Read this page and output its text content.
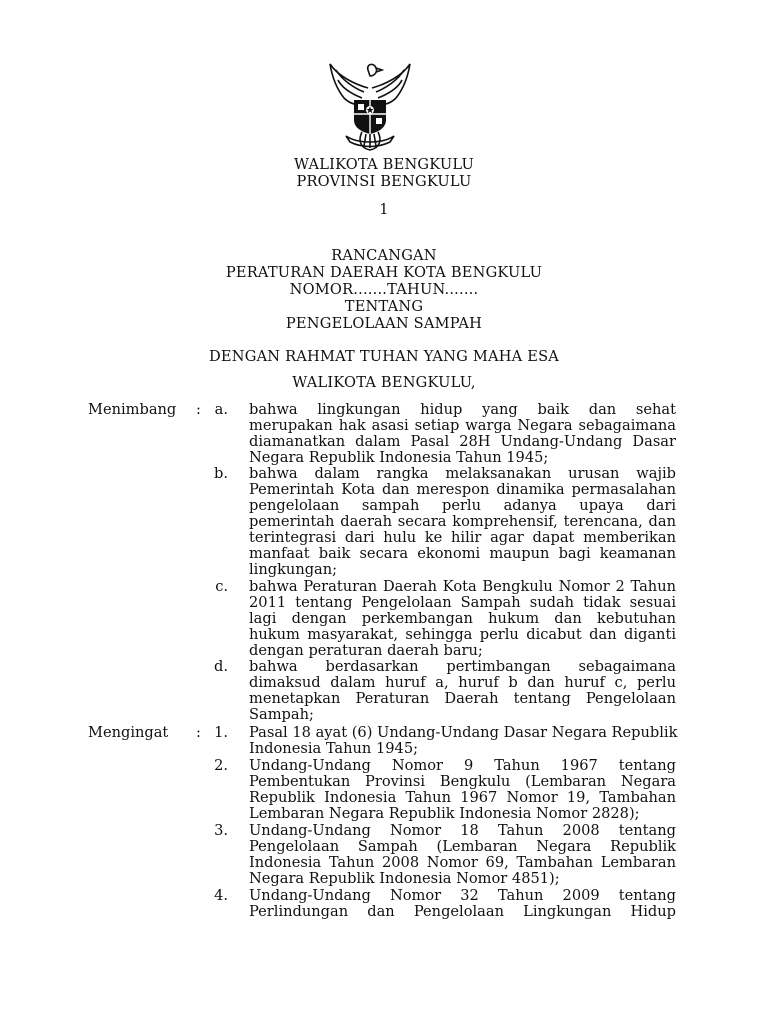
WALIKOTA BENGKULU
PROVINSI BENGKULU
1
RANCANGAN
PERATURAN DAERAH KOTA BENGKULU
NOMOR.......TAHUN.......
TENTANG
PENGELOLAAN SAMPAH
DENGAN RAHMAT TUHAN YANG MAHA ESA
WALIKOTA BENGKULU,
Menimbang : a. bahwa lingkungan hidup yang baik dan sehat
merupakan hak asasi setiap warga Negara sebagaimana
diamanatkan dalam Pasal 28H Undang-Undang Dasar
Negara Republik Indonesia Tahun 1945;
b. bahwa dalam rangka melaksanakan urusan wajib
Pemerintah Kota dan merespon dinamika permasalahan
pengelolaan sampah perlu adanya upaya dari
pemerintah daerah secara komprehensif, terencana, dan
terintegrasi dari hulu ke hilir agar dapat memberikan
manfaat baik secara ekonomi maupun bagi keamanan
lingkungan;
c. bahwa Peraturan Daerah Kota Bengkulu Nomor 2 Tahun
2011 tentang Pengelolaan Sampah sudah tidak sesuai
lagi dengan perkembangan hukum dan kebutuhan
hukum masyarakat, sehingga perlu dicabut dan diganti
dengan peraturan daerah baru;
d. bahwa berdasarkan pertimbangan sebagaimana
dimaksud dalam huruf a, huruf b dan huruf c, perlu
menetapkan Peraturan Daerah tentang Pengelolaan
Sampah;
Mengingat : 1. Pasal 18 ayat (6) Undang-Undang Dasar Negara Republik
Indonesia Tahun 1945;
2. Undang-Undang Nomor 9 Tahun 1967 tentang
Pembentukan Provinsi Bengkulu (Lembaran Negara
Republik Indonesia Tahun 1967 Nomor 19, Tambahan
Lembaran Negara Republik Indonesia Nomor 2828);
3. Undang-Undang Nomor 18 Tahun 2008 tentang
Pengelolaan Sampah (Lembaran Negara Republik
Indonesia Tahun 2008 Nomor 69, Tambahan Lembaran
Negara Republik Indonesia Nomor 4851);
4. Undang-Undang Nomor 32 Tahun 2009 tentang
Perlindungan dan Pengelolaan Lingkungan Hidup
